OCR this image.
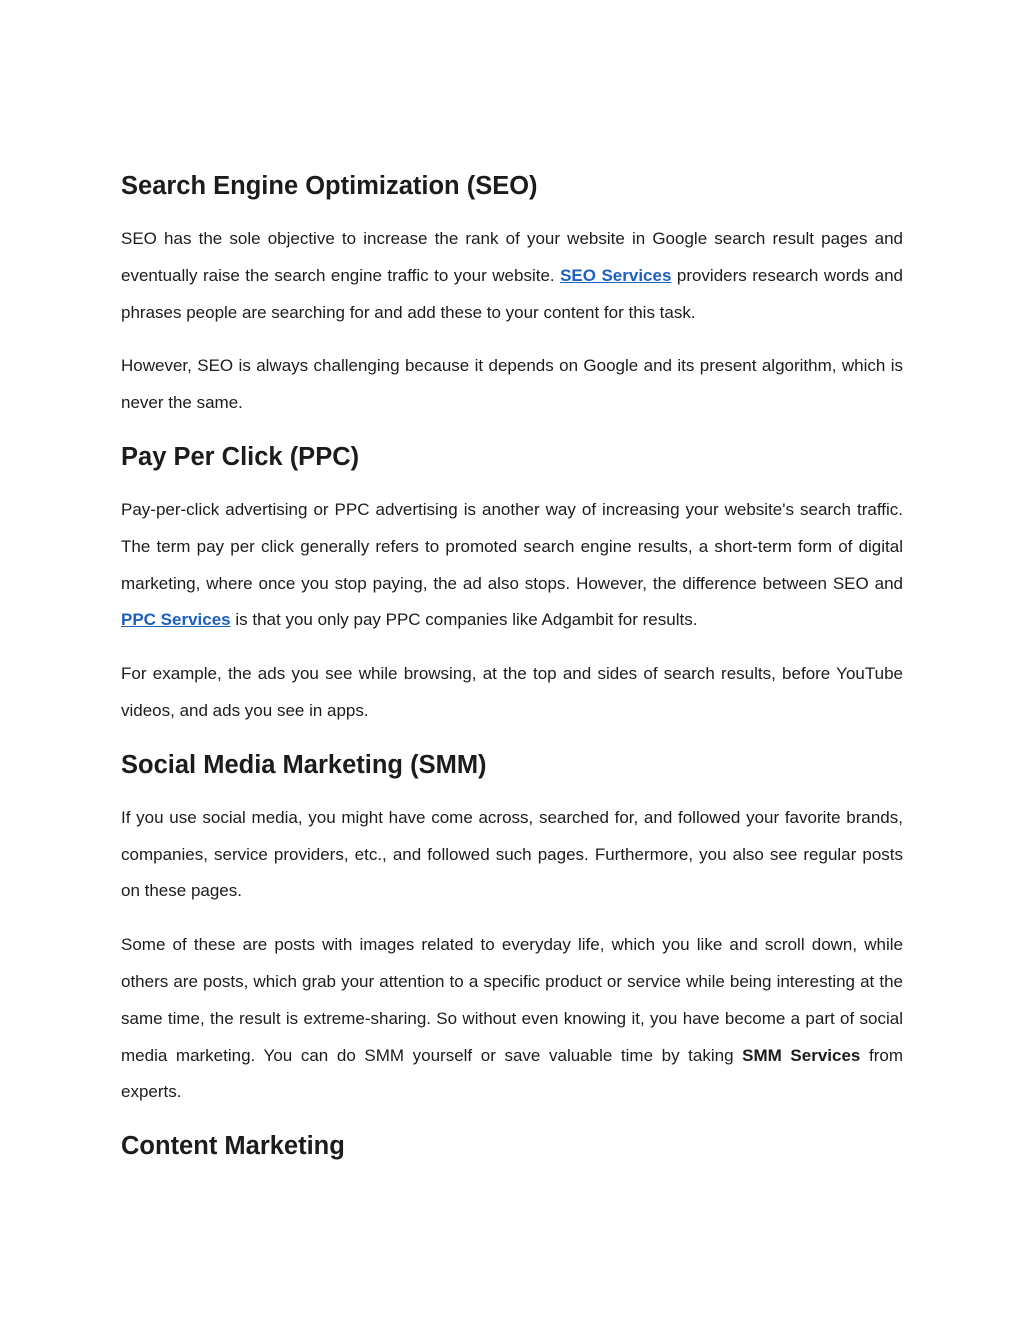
Search Engine Optimization (SEO)

SEO has the sole objective to increase the rank of your website in Google search result pages and eventually raise the search engine traffic to your website. SEO Services providers research words and phrases people are searching for and add these to your content for this task.

However, SEO is always challenging because it depends on Google and its present algorithm, which is never the same.

Pay Per Click (PPC)

Pay-per-click advertising or PPC advertising is another way of increasing your website's search traffic. The term pay per click generally refers to promoted search engine results, a short-term form of digital marketing, where once you stop paying, the ad also stops. However, the difference between SEO and PPC Services is that you only pay PPC companies like Adgambit for results.

For example, the ads you see while browsing, at the top and sides of search results, before YouTube videos, and ads you see in apps.

Social Media Marketing (SMM)

If you use social media, you might have come across, searched for, and followed your favorite brands, companies, service providers, etc., and followed such pages. Furthermore, you also see regular posts on these pages.

Some of these are posts with images related to everyday life, which you like and scroll down, while others are posts, which grab your attention to a specific product or service while being interesting at the same time, the result is extreme-sharing. So without even knowing it, you have become a part of social media marketing. You can do SMM yourself or save valuable time by taking SMM Services from experts.

Content Marketing
